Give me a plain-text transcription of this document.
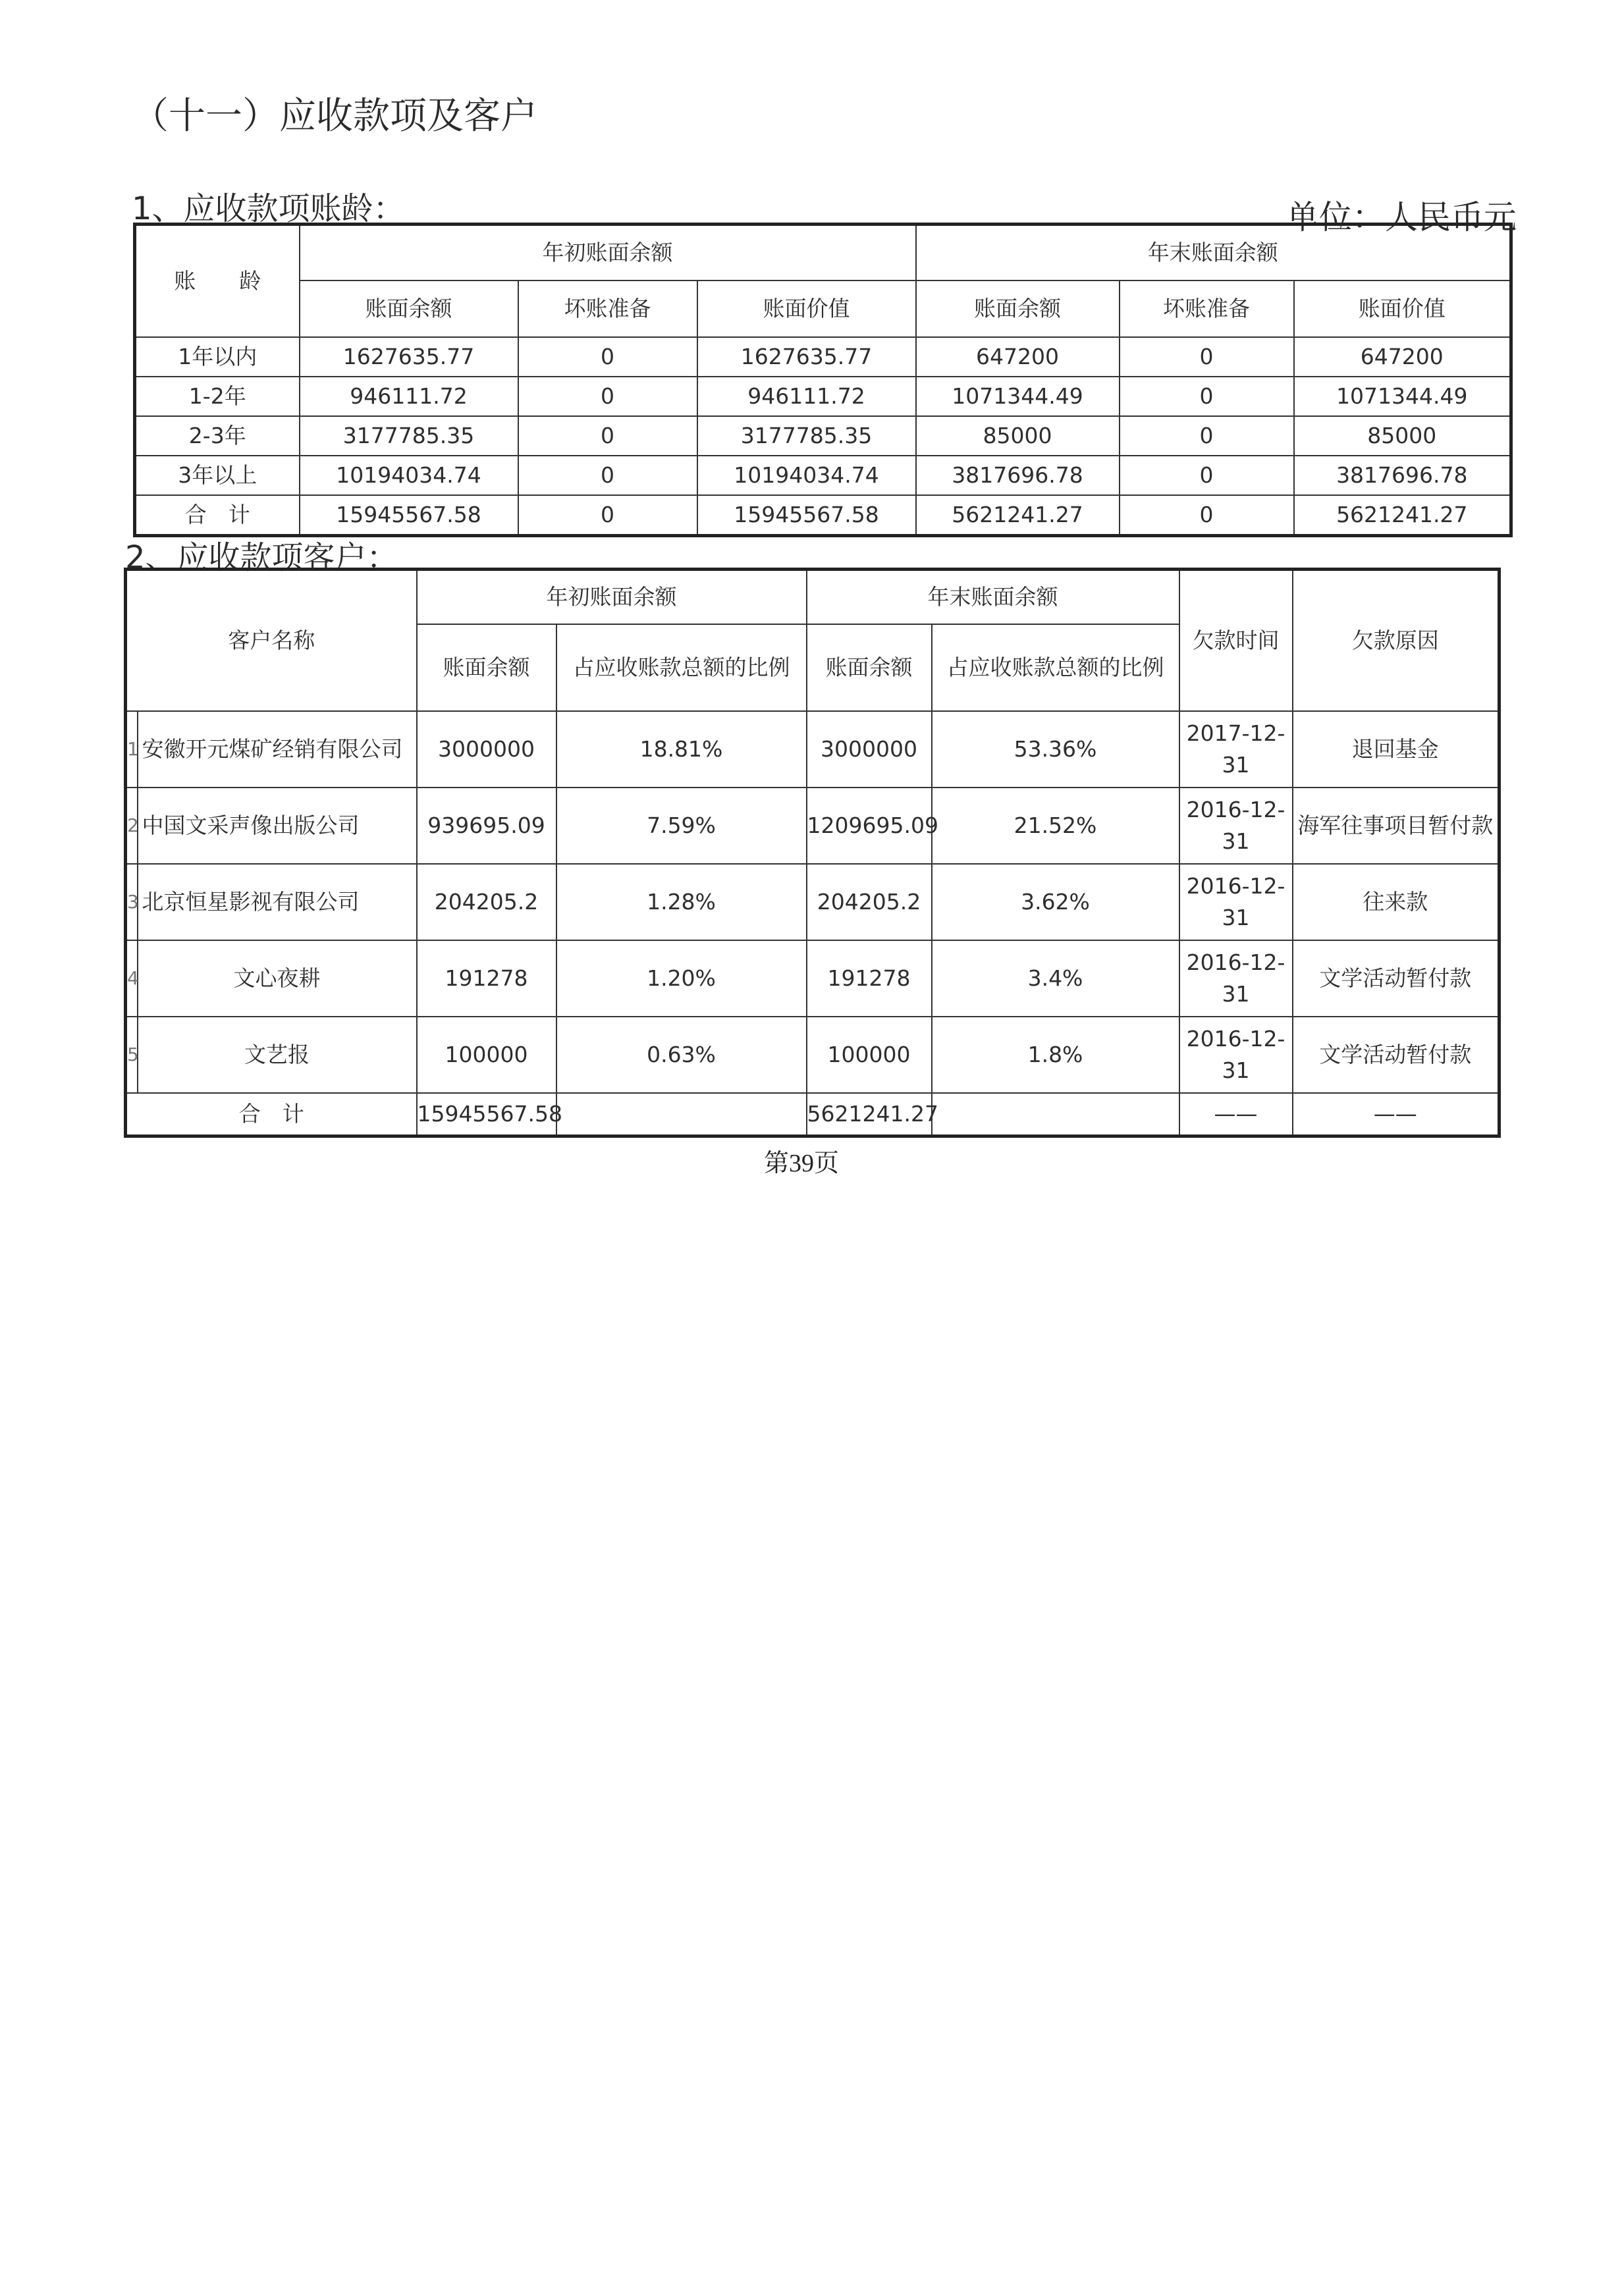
（十一）应收款项及客户
1、应收款项账龄：	单位：人民币元
账　　龄	年初账面余额			年末账面余额		
	账面余额	坏账准备	账面价值	账面余额	坏账准备	账面价值
1年以内	1627635.77	0	1627635.77	647200	0	647200
1-2年	946111.72	0	946111.72	1071344.49	0	1071344.49
2-3年	3177785.35	0	3177785.35	85000	0	85000
3年以上	10194034.74	0	10194034.74	3817696.78	0	3817696.78
合　计	15945567.58	0	15945567.58	5621241.27	0	5621241.27
2、应收款项客户：
客户名称		年初账面余额		年末账面余额		欠款时间	欠款原因
		账面余额	占应收账款总额的比例	账面余额	占应收账款总额的比例		
1	安徽开元煤矿经销有限公司	3000000	18.81%	3000000	53.36%	2017-12-31	退回基金
2	中国文采声像出版公司	939695.09	7.59%	1209695.09	21.52%	2016-12-31	海军往事项目暂付款
3	北京恒星影视有限公司	204205.2	1.28%	204205.2	3.62%	2016-12-31	往来款
4	文心夜耕	191278	1.20%	191278	3.4%	2016-12-31	文学活动暂付款
5	文艺报	100000	0.63%	100000	1.8%	2016-12-31	文学活动暂付款
合　计		15945567.58		5621241.27		——	——
第39页
